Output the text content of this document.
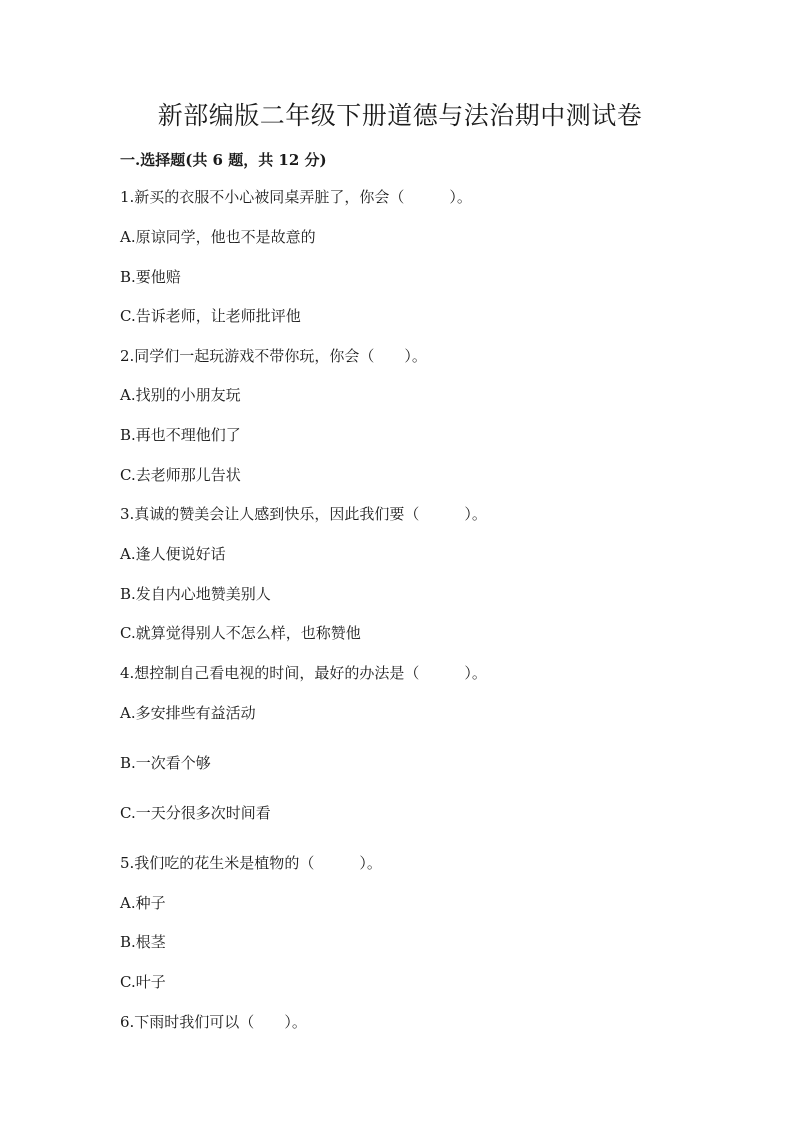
新部编版二年级下册道德与法治期中测试卷

一.选择题(共 6 题，共 12 分)

1.新买的衣服不小心被同桌弄脏了，你会（　　　）。

A.原谅同学，他也不是故意的

B.要他赔

C.告诉老师，让老师批评他

2.同学们一起玩游戏不带你玩，你会（　　）。

A.找别的小朋友玩

B.再也不理他们了

C.去老师那儿告状

3.真诚的赞美会让人感到快乐，因此我们要（　　　）。

A.逢人便说好话

B.发自内心地赞美别人

C.就算觉得别人不怎么样，也称赞他

4.想控制自己看电视的时间，最好的办法是（　　　）。

A.多安排些有益活动

B.一次看个够

C.一天分很多次时间看

5.我们吃的花生米是植物的（　　　）。

A.种子

B.根茎

C.叶子

6.下雨时我们可以（　　）。
